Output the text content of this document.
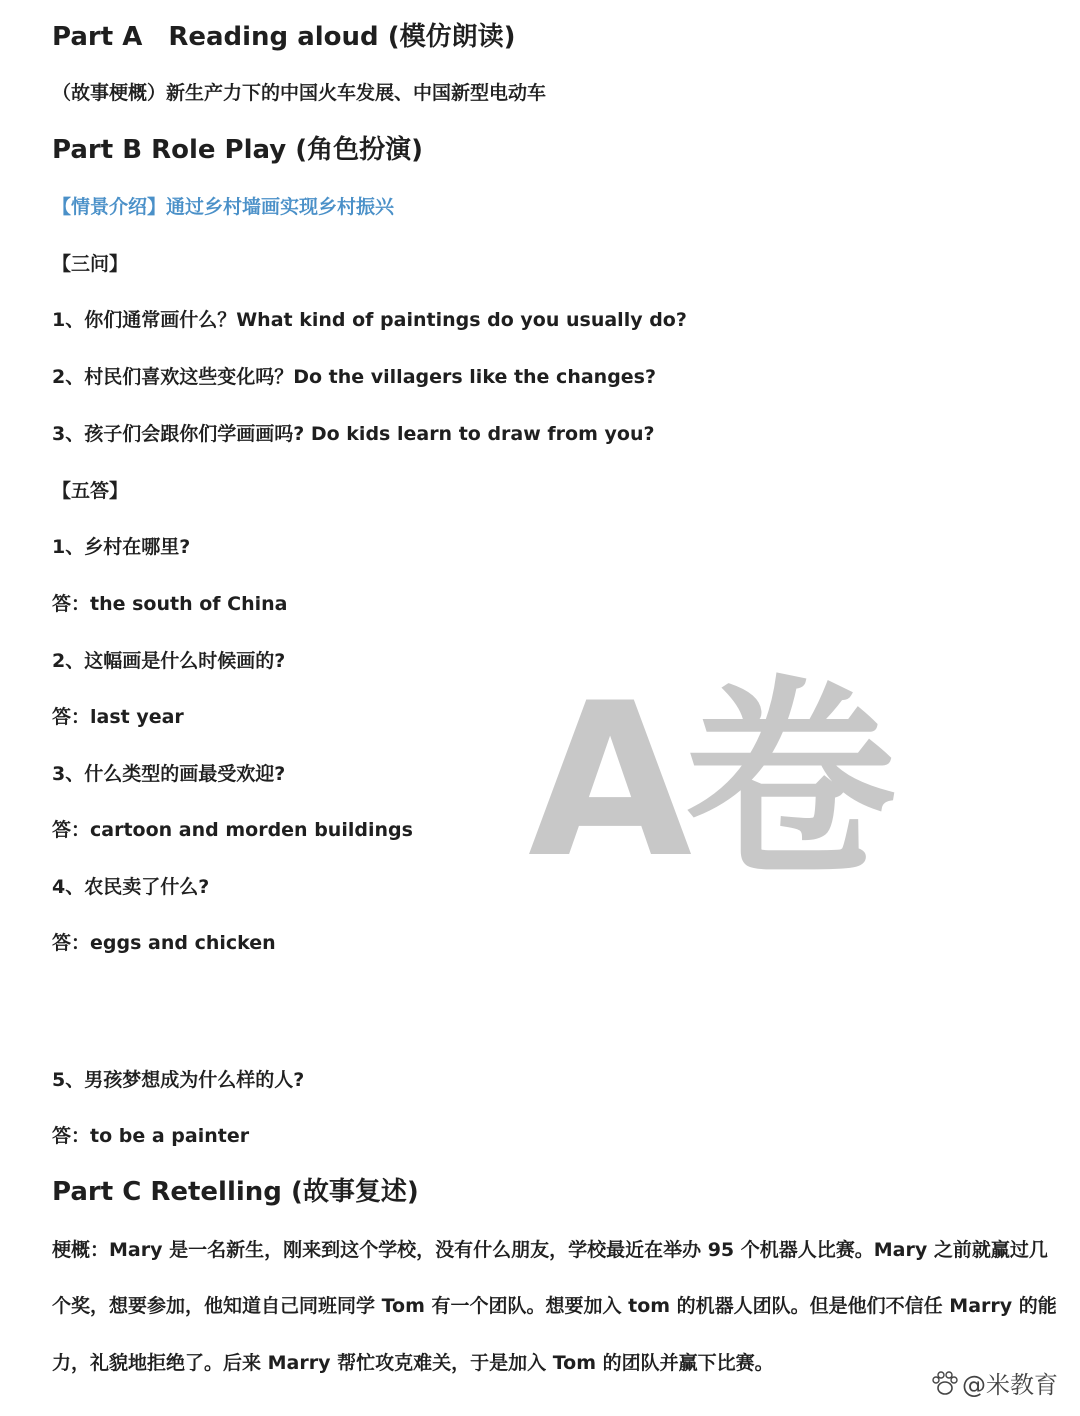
Part A　Reading aloud (模仿朗读)
（故事梗概）新生产力下的中国火车发展、中国新型电动车
Part B Role Play (角色扮演)
【情景介绍】通过乡村墙画实现乡村振兴
【三问】
1、你们通常画什么？What kind of paintings do you usually do?
2、村民们喜欢这些变化吗？Do the villagers like the changes?
3、孩子们会跟你们学画画吗? Do kids learn to draw from you?
【五答】
1、乡村在哪里?
答：the south of China
2、这幅画是什么时候画的?
答：last year
3、什么类型的画最受欢迎?
答：cartoon and morden buildings
4、农民卖了什么?
答：eggs and chicken
5、男孩梦想成为什么样的人?
答：to be a painter
Part C Retelling (故事复述)
梗概：Mary 是一名新生，刚来到这个学校，没有什么朋友，学校最近在举办 95 个机器人比赛。Mary 之前就赢过几
个奖，想要参加，他知道自己同班同学 Tom 有一个团队。想要加入 tom 的机器人团队。但是他们不信任 Marry 的能
力，礼貌地拒绝了。后来 Marry 帮忙攻克难关，于是加入 Tom 的团队并赢下比赛。
A卷
@米教育
